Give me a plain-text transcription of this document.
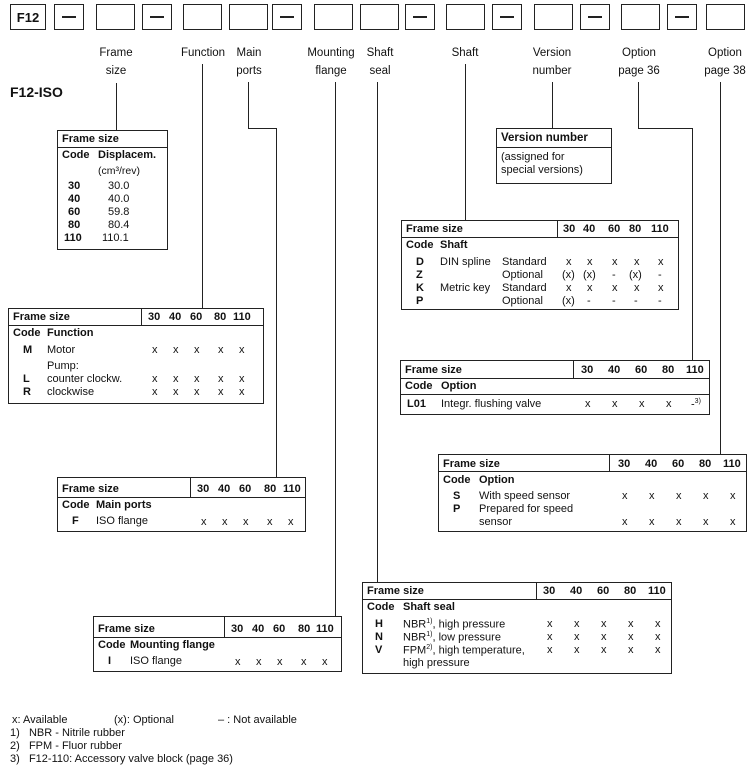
F12
Frame
size
Function Main
ports
Mounting
flange
Shaft
seal
Shaft	Version
number
Option
page 36
Option
page 38
F12-ISO
Frame size
Code Displacem.
(cm³/rev)
30	30.0
40	40.0
60	59.8
80	80.4
110 110.1
Version number
(assigned for
special versions)
Frame size	30 40 60 80 110
Code Shaft
D DIN spline Standard x x x x x
Z	Optional (x) (x) - (x) -
K Metric key Standard x x x x x
P	Optional (x) - - - -
Frame size	30 40 60 80 110
Code Function
M Motor	x x x x x
Pump:
L counter clockw.	x x x x x
R clockwise	x x x x x
Frame size	30 40 60 80 110
Code Option
L01 Integr. flushing valve	x x x x -$^{3)}$
Frame size	30 40 60 80 110
Code Option
S With speed sensor	x x x x x
P Prepared for speed
sensor	x x x x x
Frame size	30 40 60 80 110
Code Main ports
F ISO flange	x x x x x
Frame size	30 40 60 80 110
Code Shaft seal
H NBR$^{1)}$, high pressure	x x x x x
N NBR$^{1)}$, low pressure	x x x x x
V FPM$^{2)}$, high temperature,
high pressure
x x x x x
Frame size	30 40 60 80 110
Code Mounting flange
I ISO flange	x x x x x
x: Available	(x): Optional	– : Not available
1) NBR - Nitrile rubber
2) FPM - Fluor rubber
3) F12-110: Accessory valve block (page 36)
